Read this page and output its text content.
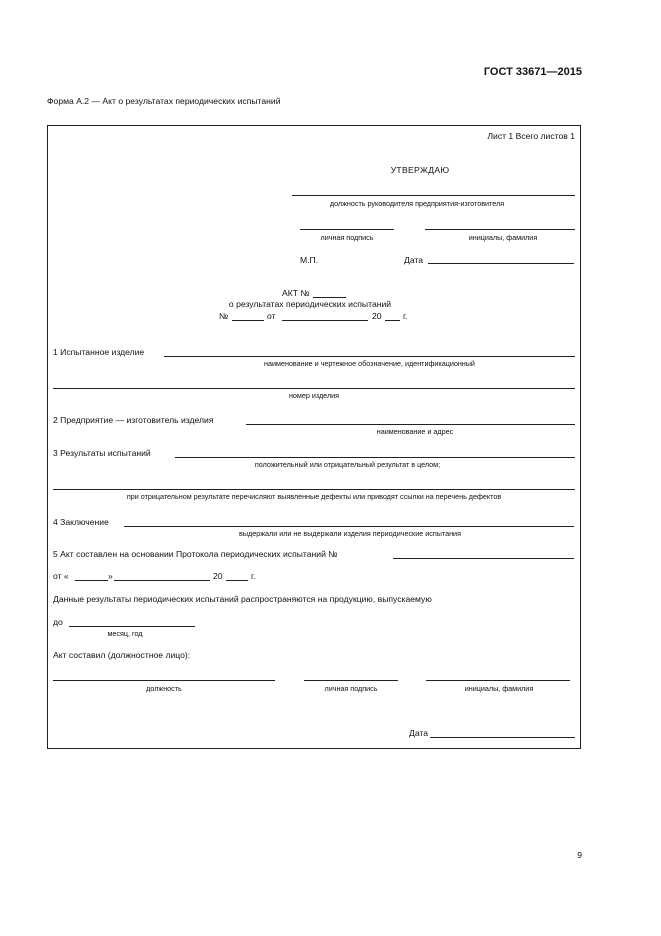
ГОСТ 33671—2015
Форма А.2 — Акт о результатах периодических испытаний
Лист 1 Всего листов 1
УТВЕРЖДАЮ
должность руководителя предприятия-изготовителя
личная подпись	инициалы, фамилия
М.П.	Дата
АКТ №
о результатах периодических испытаний
№	от	20 г.
1 Испытанное изделие
наименование и чертежное обозначение, идентификационный
номер изделия
2 Предприятие — изготовитель изделия
наименование и адрес
3 Результаты испытаний
положительный или отрицательный результат в целом;
при отрицательном результате перечисляют выявленные дефекты или приводят ссылки на перечень дефектов
4 Заключение
выдержали или не выдержали изделия периодические испытания
5 Акт составлен на основании Протокола периодических испытаний №
от «	»	20	г.
Данные результаты периодических испытаний распространяются на продукцию, выпускаемую
до
месяц, год
Акт составил (должностное лицо):
должность	личная подпись	инициалы, фамилия
Дата
9
